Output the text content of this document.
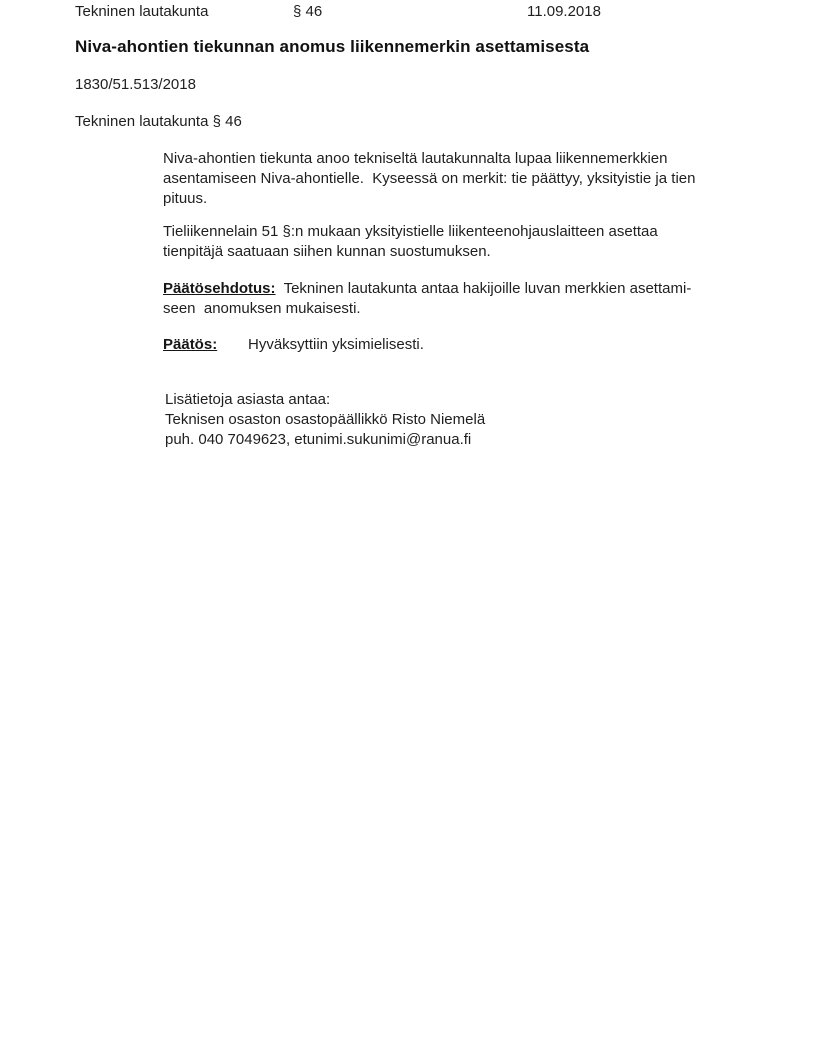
Tekninen lautakunta	§ 46	11.09.2018
Niva-ahontien tiekunnan anomus liikennemerkin asettamisesta
1830/51.513/2018
Tekninen lautakunta § 46
Niva-ahontien tiekunta anoo tekniseltä lautakunnalta lupaa liikennemerkkien
asentamiseen Niva-ahontielle.  Kyseessä on merkit: tie päättyy, yksityistie ja tien
pituus.
Tieliikennelain 51 §:n mukaan yksityistielle liikenteenohjauslaitteen asettaa
tienpitäjä saatuaan siihen kunnan suostumuksen.
Päätösehdotus:  Tekninen lautakunta antaa hakijoille luvan merkkien asettami-
seen  anomuksen mukaisesti.
Päätös:	Hyväksyttiin yksimielisesti.
Lisätietoja asiasta antaa:
Teknisen osaston osastopäällikkö Risto Niemelä
puh. 040 7049623, etunimi.sukunimi@ranua.fi
